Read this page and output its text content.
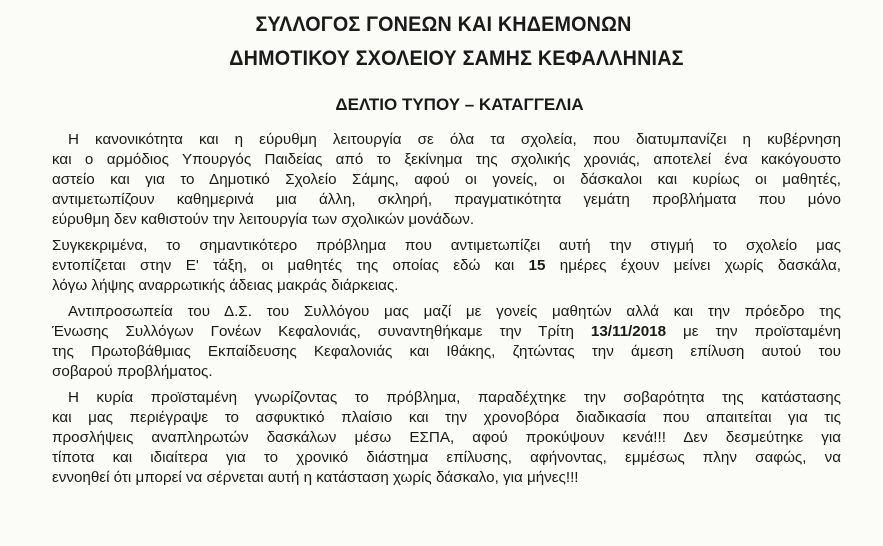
ΣΥΛΛΟΓΟΣ ΓΟΝΕΩΝ ΚΑΙ ΚΗΔΕΜΟΝΩΝ
ΔΗΜΟΤΙΚΟΥ ΣΧΟΛΕΙΟΥ ΣΑΜΗΣ ΚΕΦΑΛΛΗΝΙΑΣ
ΔΕΛΤΙΟ ΤΥΠΟΥ – ΚΑΤΑΓΓΕΛΙΑ
Η κανονικότητα και η εύρυθμη λειτουργία σε όλα τα σχολεία, που διατυμπανίζει η κυβέρνηση
και ο αρμόδιος Υπουργός Παιδείας από το ξεκίνημα της σχολικής χρονιάς, αποτελεί ένα κακόγουστο
αστείο και για το Δημοτικό Σχολείο Σάμης, αφού οι γονείς, οι δάσκαλοι και κυρίως οι μαθητές,
αντιμετωπίζουν καθημερινά μια άλλη, σκληρή, πραγματικότητα γεμάτη προβλήματα που μόνο
εύρυθμη δεν καθιστούν την λειτουργία των σχολικών μονάδων.
Συγκεκριμένα, το σημαντικότερο πρόβλημα που αντιμετωπίζει αυτή την στιγμή το σχολείο μας
εντοπίζεται στην Ε' τάξη, οι μαθητές της οποίας εδώ και 15 ημέρες έχουν μείνει χωρίς δασκάλα,
λόγω λήψης αναρρωτικής άδειας μακράς διάρκειας.
Αντιπροσωπεία του Δ.Σ. του Συλλόγου μας μαζί με γονείς μαθητών αλλά και την πρόεδρο της
Ένωσης Συλλόγων Γονέων Κεφαλονιάς, συναντηθήκαμε την Τρίτη 13/11/2018 με την προϊσταμένη
της Πρωτοβάθμιας Εκπαίδευσης Κεφαλονιάς και Ιθάκης, ζητώντας την άμεση επίλυση αυτού του
σοβαρού προβλήματος.
Η κυρία προϊσταμένη γνωρίζοντας το πρόβλημα, παραδέχτηκε την σοβαρότητα της κατάστασης
και μας περιέγραψε το ασφυκτικό πλαίσιο και την χρονοβόρα διαδικασία που απαιτείται για τις
προσλήψεις αναπληρωτών δασκάλων μέσω ΕΣΠΑ, αφού προκύψουν κενά!!! Δεν δεσμεύτηκε για
τίποτα και ιδιαίτερα για το χρονικό διάστημα επίλυσης, αφήνοντας, εμμέσως πλην σαφώς, να
εννοηθεί ότι μπορεί να σέρνεται αυτή η κατάσταση χωρίς δάσκαλο, για μήνες!!!
